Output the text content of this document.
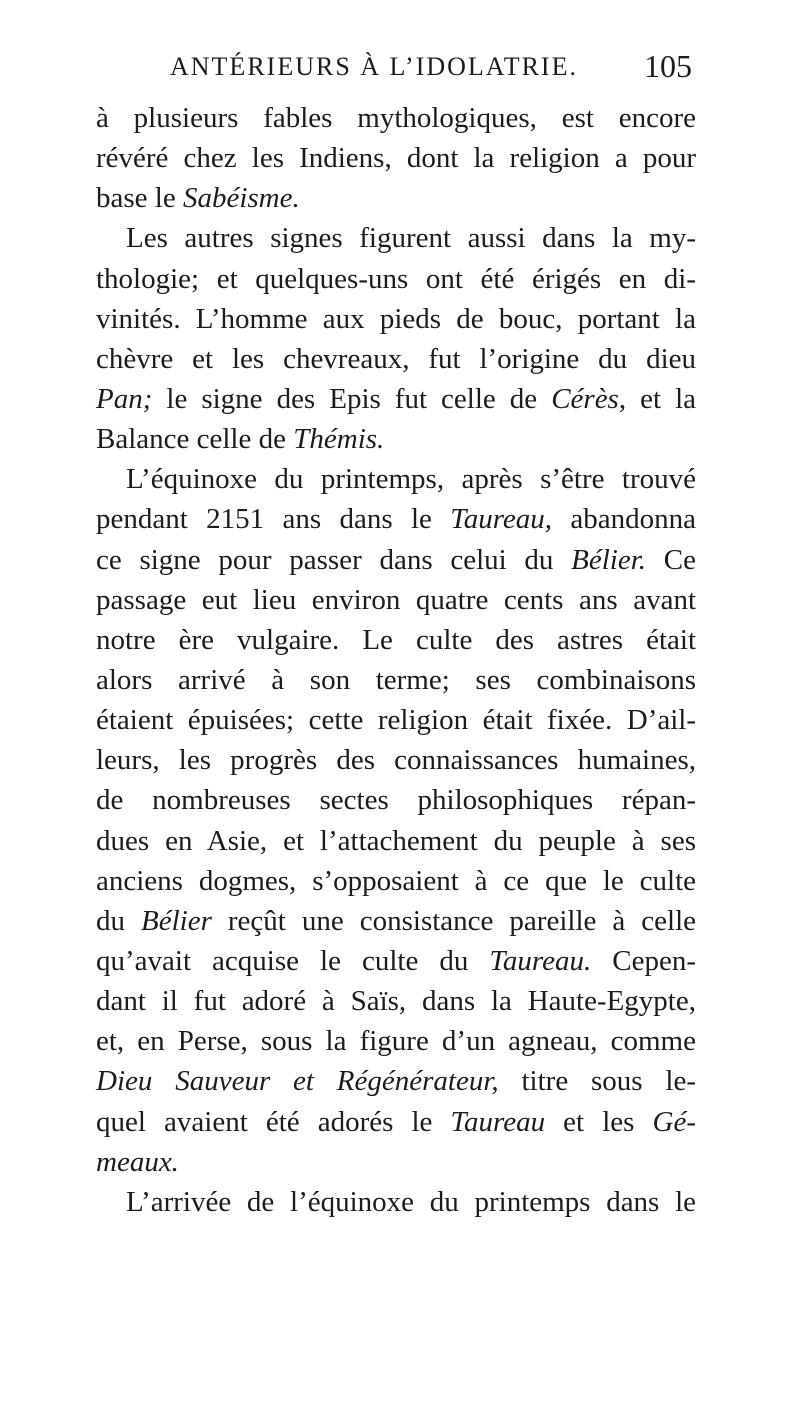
ANTÉRIEURS À L’IDOLATRIE.	105
à plusieurs fables mythologiques, est encore
révéré chez les Indiens, dont la religion a pour
base le Sabéisme.
Les autres signes figurent aussi dans la my-
thologie; et quelques-uns ont été érigés en di-
vinités. L’homme aux pieds de bouc, portant la
chèvre et les chevreaux, fut l’origine du dieu
Pan; le signe des Epis fut celle de Cérès, et la
Balance celle de Thémis.
L’équinoxe du printemps, après s’être trouvé
pendant 2151 ans dans le Taureau, abandonna
ce signe pour passer dans celui du Bélier. Ce
passage eut lieu environ quatre cents ans avant
notre ère vulgaire. Le culte des astres était
alors arrivé à son terme; ses combinaisons
étaient épuisées; cette religion était fixée. D’ail-
leurs, les progrès des connaissances humaines,
de nombreuses sectes philosophiques répan-
dues en Asie, et l’attachement du peuple à ses
anciens dogmes, s’opposaient à ce que le culte
du Bélier reçût une consistance pareille à celle
qu’avait acquise le culte du Taureau. Cepen-
dant il fut adoré à Saïs, dans la Haute-Egypte,
et, en Perse, sous la figure d’un agneau, comme
Dieu Sauveur et Régénérateur, titre sous le-
quel avaient été adorés le Taureau et les Gé-
meaux.
L’arrivée de l’équinoxe du printemps dans le
